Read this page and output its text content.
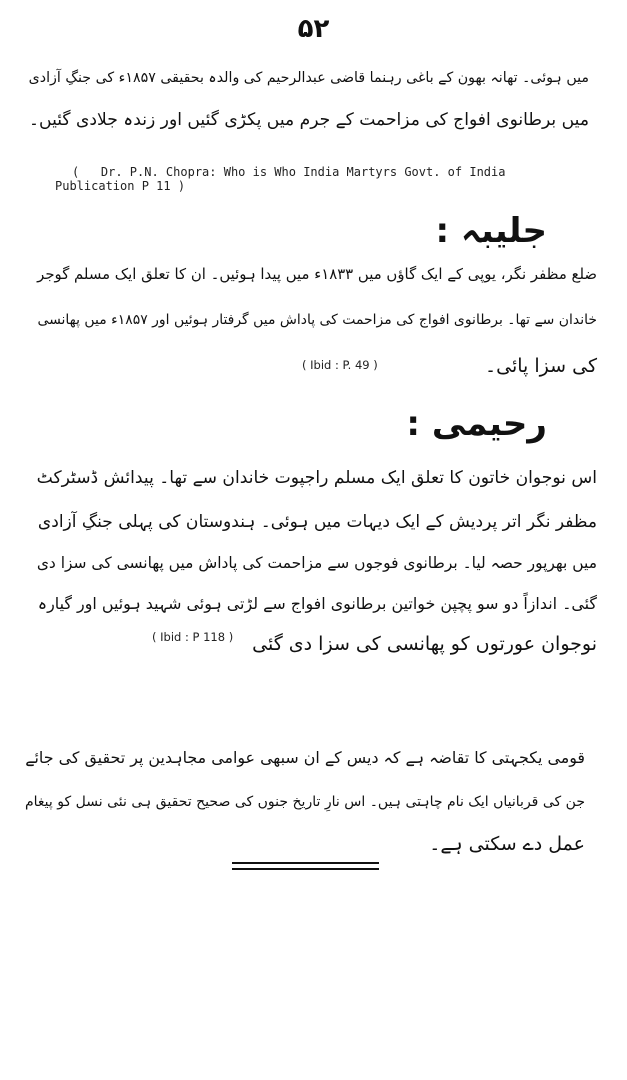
۵۲
میں ہوئی۔ تھانہ بھون کے باغی رہنما قاضی عبدالرحیم کی والدہ بحقیقی ۱۸۵۷ء کی جنگِ آزادی
میں برطانوی افواج کی مزاحمت کے جرم میں پکڑی گئیں اور زندہ جلادی گئیں۔
(   Dr. P.N. Chopra: Who is Who India Martyrs Govt. of India
Publication P 11 )
جلیبہ :
ضلع مظفر نگر، یوپی کے ایک گاؤں میں ۱۸۳۳ء میں پیدا ہوئیں۔ ان کا تعلق ایک مسلم گوجر
خاندان سے تھا۔ برطانوی افواج کی مزاحمت کی پاداش میں گرفتار ہوئیں اور ۱۸۵۷ء میں پھانسی
کی سزا پائی۔
( Ibid : P. 49 )
رحیمی :
اس نوجوان خاتون کا تعلق ایک مسلم راجپوت خاندان سے تھا۔ پیدائش ڈسٹرکٹ
مظفر نگر اتر پردیش کے ایک دیہات میں ہوئی۔ ہندوستان کی پہلی جنگِ آزادی
میں بھرپور حصہ لیا۔ برطانوی فوجوں سے مزاحمت کی پاداش میں پھانسی کی سزا دی
گئی۔ اندازاً دو سو پچپن خواتین برطانوی افواج سے لڑتی ہوئی شہید ہوئیں اور گیارہ
نوجوان عورتوں کو پھانسی کی سزا دی گئی
( Ibid : P 118 )
قومی یکجہتی کا تقاضہ ہے کہ دیس کے ان سبھی عوامی مجاہدین پر تحقیق کی جائے
جن کی قربانیاں ایک نام چاہتی ہیں۔ اس نارِ تاریخ جنوں کی صحیح تحقیق ہی نئی نسل کو پیغام
عمل دے سکتی ہے۔
